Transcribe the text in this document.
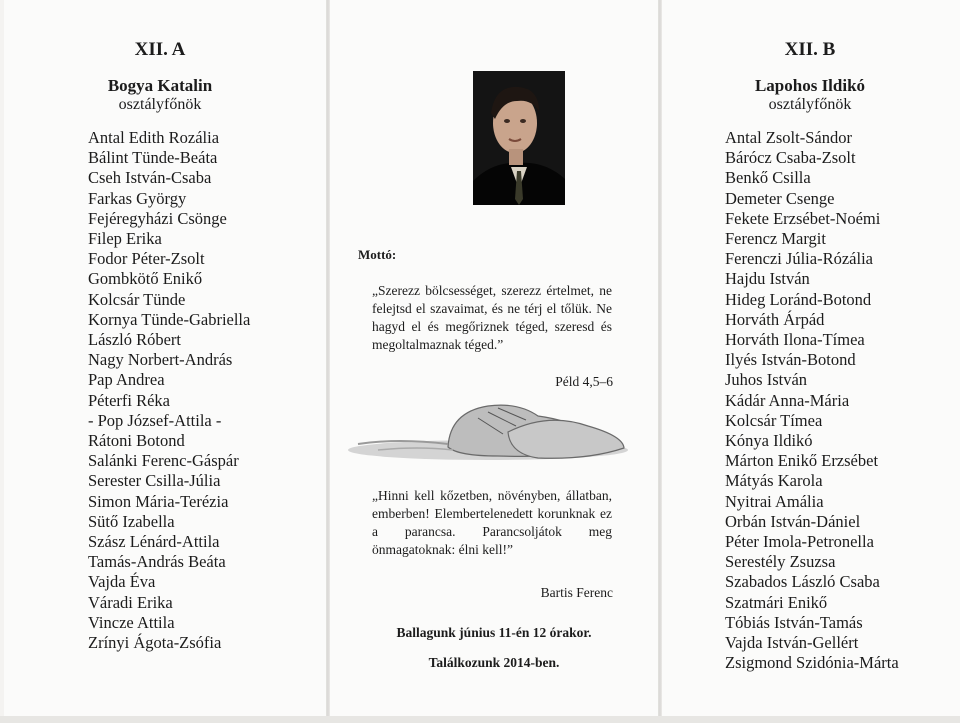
XII. A
Bogya Katalin
osztályfőnök
Antal Edith Rozália
Bálint Tünde-Beáta
Cseh István-Csaba
Farkas György
Fejéregyházi Csönge
Filep Erika
Fodor Péter-Zsolt
Gombkötő Enikő
Kolcsár Tünde
Kornya Tünde-Gabriella
László Róbert
Nagy Norbert-András
Pap Andrea
Péterfi Réka
- Pop József-Attila -
Rátoni Botond
Salánki Ferenc-Gáspár
Serester Csilla-Júlia
Simon Mária-Terézia
Sütő Izabella
Szász Lénárd-Attila
Tamás-András Beáta
Vajda Éva
Váradi Erika
Vincze Attila
Zrínyi Ágota-Zsófia
Mottó:
„Szerezz bölcsességet, szerezz értelmet, ne felejtsd el szavaimat, és ne térj el tőlük. Ne hagyd el és megőriznek téged, szeresd és megoltalmaznak téged.”
Péld 4,5–6
„Hinni kell kőzetben, növényben, állatban, emberben! Elembertelenedett korunknak ez a parancsa. Parancsoljátok meg önmagatoknak: élni kell!”
Bartis Ferenc
Ballagunk június 11-én 12 órakor.
Találkozunk 2014-ben.
XII. B
Lapohos Ildikó
osztályfőnök
Antal Zsolt-Sándor
Bárócz Csaba-Zsolt
Benkő Csilla
Demeter Csenge
Fekete Erzsébet-Noémi
Ferencz Margit
Ferenczi Júlia-Rózália
Hajdu István
Hideg Loránd-Botond
Horváth Árpád
Horváth Ilona-Tímea
Ilyés István-Botond
Juhos István
Kádár Anna-Mária
Kolcsár Tímea
Kónya Ildikó
Márton Enikő Erzsébet
Mátyás Karola
Nyitrai Amália
Orbán István-Dániel
Péter Imola-Petronella
Serestély Zsuzsa
Szabados László Csaba
Szatmári Enikő
Tóbiás István-Tamás
Vajda István-Gellért
Zsigmond Szidónia-Márta
